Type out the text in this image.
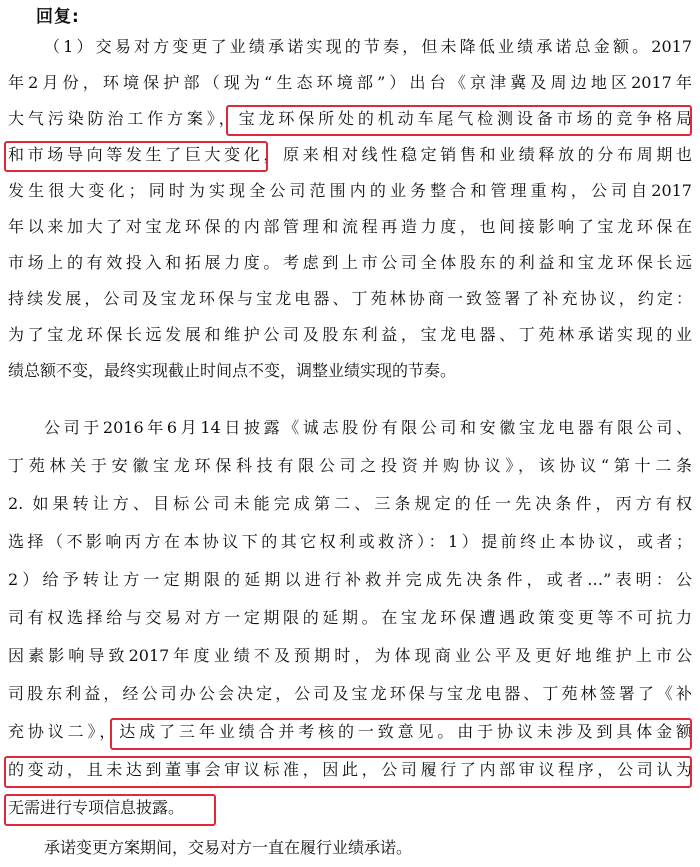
回复:
（1）交易对方变更了业绩承诺实现的节奏，但未降低业绩承诺总金额。2017
年2月份，环境保护部（现为“生态环境部”）出台《京津冀及周边地区2017年
大气污染防治工作方案》，宝龙环保所处的机动车尾气检测设备市场的竞争格局
和市场导向等发生了巨大变化，原来相对线性稳定销售和业绩释放的分布周期也
发生很大变化；同时为实现全公司范围内的业务整合和管理重构，公司自2017
年以来加大了对宝龙环保的内部管理和流程再造力度，也间接影响了宝龙环保在
市场上的有效投入和拓展力度。考虑到上市公司全体股东的利益和宝龙环保长远
持续发展，公司及宝龙环保与宝龙电器、丁苑林协商一致签署了补充协议，约定：
为了宝龙环保长远发展和维护公司及股东利益，宝龙电器、丁苑林承诺实现的业
绩总额不变，最终实现截止时间点不变，调整业绩实现的节奏。
公司于2016年6月14日披露《诚志股份有限公司和安徽宝龙电器有限公司、
丁苑林关于安徽宝龙环保科技有限公司之投资并购协议》，该协议“第十二条
2. 如果转让方、目标公司未能完成第二、三条规定的任一先决条件，丙方有权
选择（不影响丙方在本协议下的其它权利或救济）：1）提前终止本协议，或者；
2）给予转让方一定期限的延期以进行补救并完成先决条件，或者…”表明：公
司有权选择给与交易对方一定期限的延期。在宝龙环保遭遇政策变更等不可抗力
因素影响导致2017年度业绩不及预期时，为体现商业公平及更好地维护上市公
司股东利益，经公司办公会决定，公司及宝龙环保与宝龙电器、丁苑林签署了《补
充协议二》，达成了三年业绩合并考核的一致意见。由于协议未涉及到具体金额
的变动，且未达到董事会审议标准，因此，公司履行了内部审议程序，公司认为
无需进行专项信息披露。
承诺变更方案期间，交易对方一直在履行业绩承诺。
